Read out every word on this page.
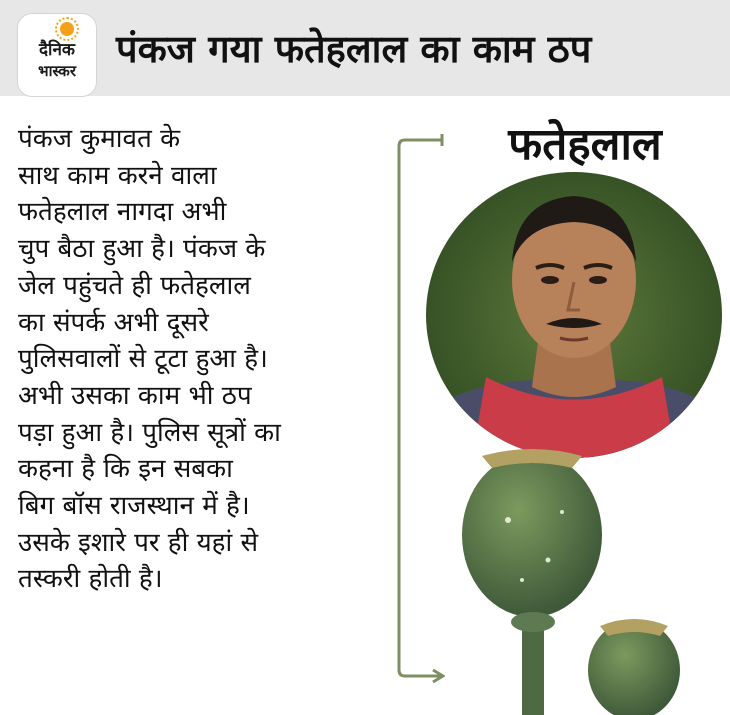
दैनिक
भास्कर	पंकज गया फतेहलाल का काम ठप
पंकज कुमावत के
साथ काम करने वाला
फतेहलाल नागदा अभी
चुप बैठा हुआ है। पंकज के
जेल पहुंचते ही फतेहलाल
का संपर्क अभी दूसरे
पुलिसवालों से टूटा हुआ है।
अभी उसका काम भी ठप
पड़ा हुआ है। पुलिस सूत्रों का
कहना है कि इन सबका
बिग बॉस राजस्थान में है।
उसके इशारे पर ही यहां से
तस्करी होती है।
फतेहलाल
